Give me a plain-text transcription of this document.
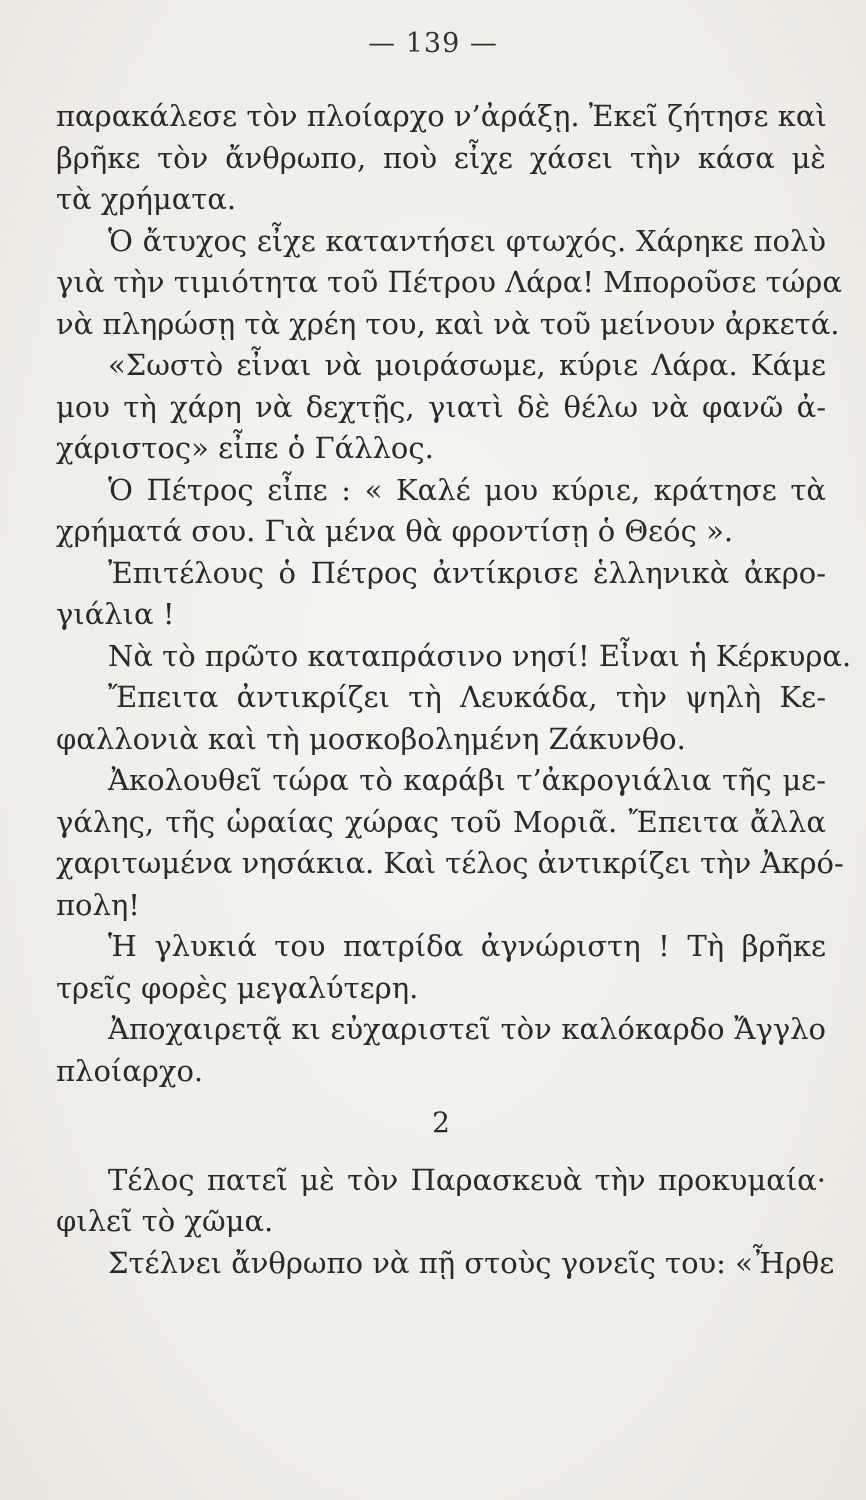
— 139 —
παρακάλεσε τὸν πλοίαρχο ν’ἀράξῃ. Ἐκεῖ ζήτησε καὶ
βρῆκε τὸν ἄνθρωπο, ποὺ εἶχε χάσει τὴν κάσα μὲ
τὰ χρήματα.
Ὁ ἄτυχος εἶχε καταντήσει φτωχός. Χάρηκε πολὺ
γιὰ τὴν τιμιότητα τοῦ Πέτρου Λάρα! Μποροῦσε τώρα
νὰ πληρώσῃ τὰ χρέη του, καὶ νὰ τοῦ μείνουν ἀρκετά.
«Σωστὸ εἶναι νὰ μοιράσωμε, κύριε Λάρα. Κάμε
μου τὴ χάρη νὰ δεχτῇς, γιατὶ δὲ θέλω νὰ φανῶ ἀ-
χάριστος» εἶπε ὁ Γάλλος.
Ὁ Πέτρος εἶπε : « Καλέ μου κύριε, κράτησε τὰ
χρήματά σου. Γιὰ μένα θὰ φροντίσῃ ὁ Θεός ».
Ἐπιτέλους ὁ Πέτρος ἀντίκρισε ἑλληνικὰ ἀκρο-
γιάλια !
Νὰ τὸ πρῶτο καταπράσινο νησί! Εἶναι ἡ Κέρκυρα.
Ἔπειτα ἀντικρίζει τὴ Λευκάδα, τὴν ψηλὴ Κε-
φαλλονιὰ καὶ τὴ μοσκοβολημένη Ζάκυνθο.
Ἀκολουθεῖ τώρα τὸ καράβι τ’ἀκρογιάλια τῆς με-
γάλης, τῆς ὡραίας χώρας τοῦ Μοριᾶ. Ἔπειτα ἄλλα
χαριτωμένα νησάκια. Καὶ τέλος ἀντικρίζει τὴν Ἀκρό-
πολη!
Ἡ γλυκιά του πατρίδα ἀγνώριστη ! Τὴ βρῆκε
τρεῖς φορὲς μεγαλύτερη.
Ἀποχαιρετᾷ κι εὐχαριστεῖ τὸν καλόκαρδο Ἄγγλο
πλοίαρχο.
2
Τέλος πατεῖ μὲ τὸν Παρασκευὰ τὴν προκυμαία·
φιλεῖ τὸ χῶμα.
Στέλνει ἄνθρωπο νὰ πῇ στοὺς γονεῖς του: «Ἦρθε
